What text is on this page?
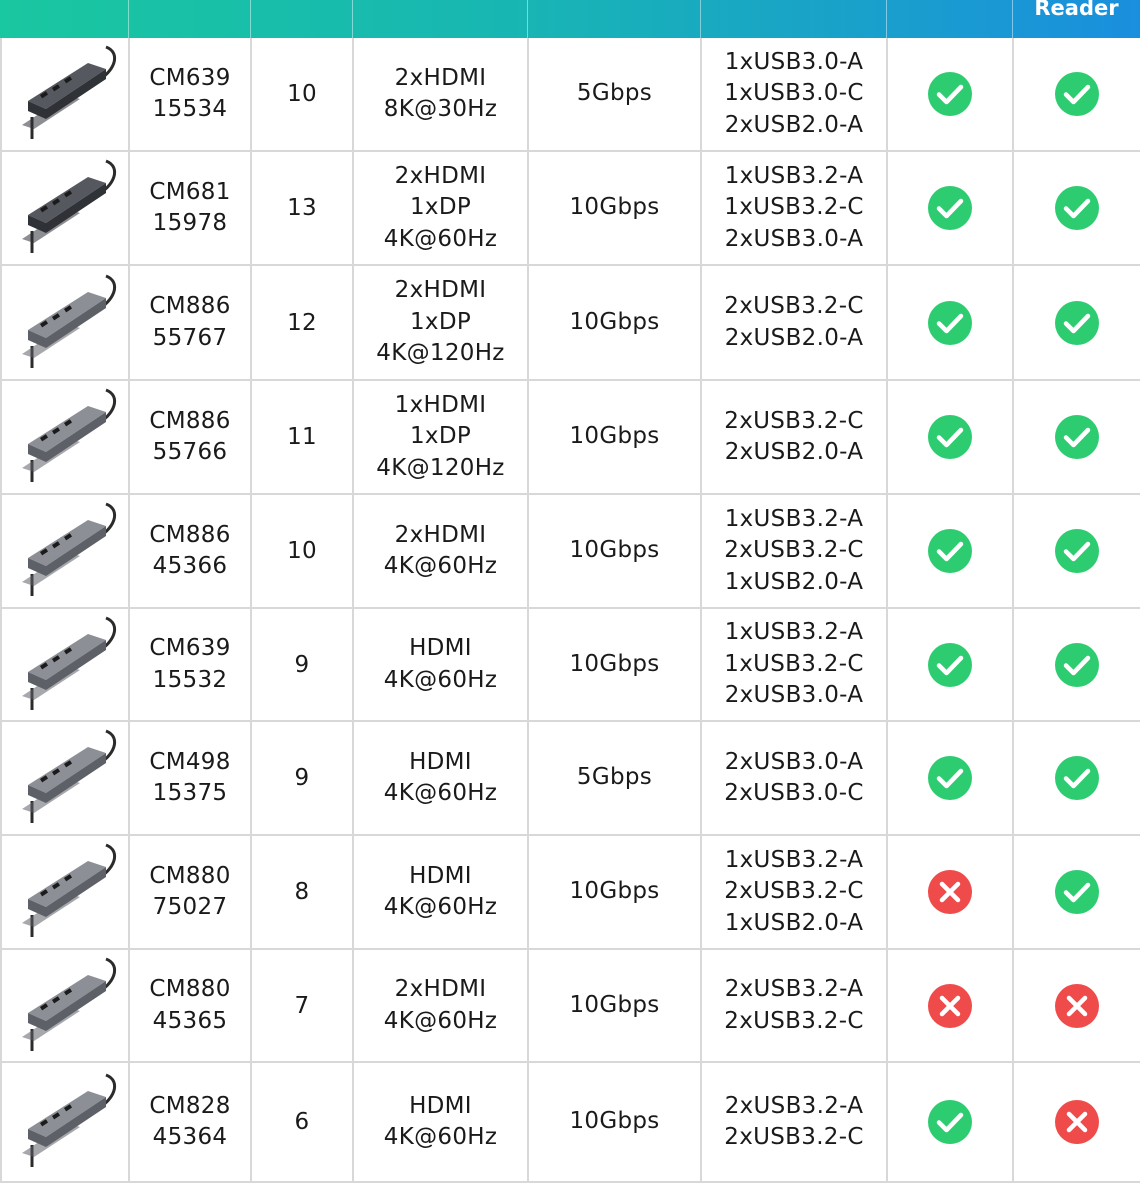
Reader
CM639
15534
10
2xHDMI
8K@30Hz
5Gbps
1xUSB3.0-A
1xUSB3.0-C
2xUSB2.0-A
CM681
15978
13
2xHDMI
1xDP
4K@60Hz
10Gbps
1xUSB3.2-A
1xUSB3.2-C
2xUSB3.0-A
CM886
55767
12
2xHDMI
1xDP
4K@120Hz
10Gbps
2xUSB3.2-C
2xUSB2.0-A
CM886
55766
11
1xHDMI
1xDP
4K@120Hz
10Gbps
2xUSB3.2-C
2xUSB2.0-A
CM886
45366
10
2xHDMI
4K@60Hz
10Gbps
1xUSB3.2-A
2xUSB3.2-C
1xUSB2.0-A
CM639
15532
9
HDMI
4K@60Hz
10Gbps
1xUSB3.2-A
1xUSB3.2-C
2xUSB3.0-A
CM498
15375
9
HDMI
4K@60Hz
5Gbps
2xUSB3.0-A
2xUSB3.0-C
CM880
75027
8
HDMI
4K@60Hz
10Gbps
1xUSB3.2-A
2xUSB3.2-C
1xUSB2.0-A
CM880
45365
7
2xHDMI
4K@60Hz
10Gbps
2xUSB3.2-A
2xUSB3.2-C
CM828
45364
6
HDMI
4K@60Hz
10Gbps
2xUSB3.2-A
2xUSB3.2-C
